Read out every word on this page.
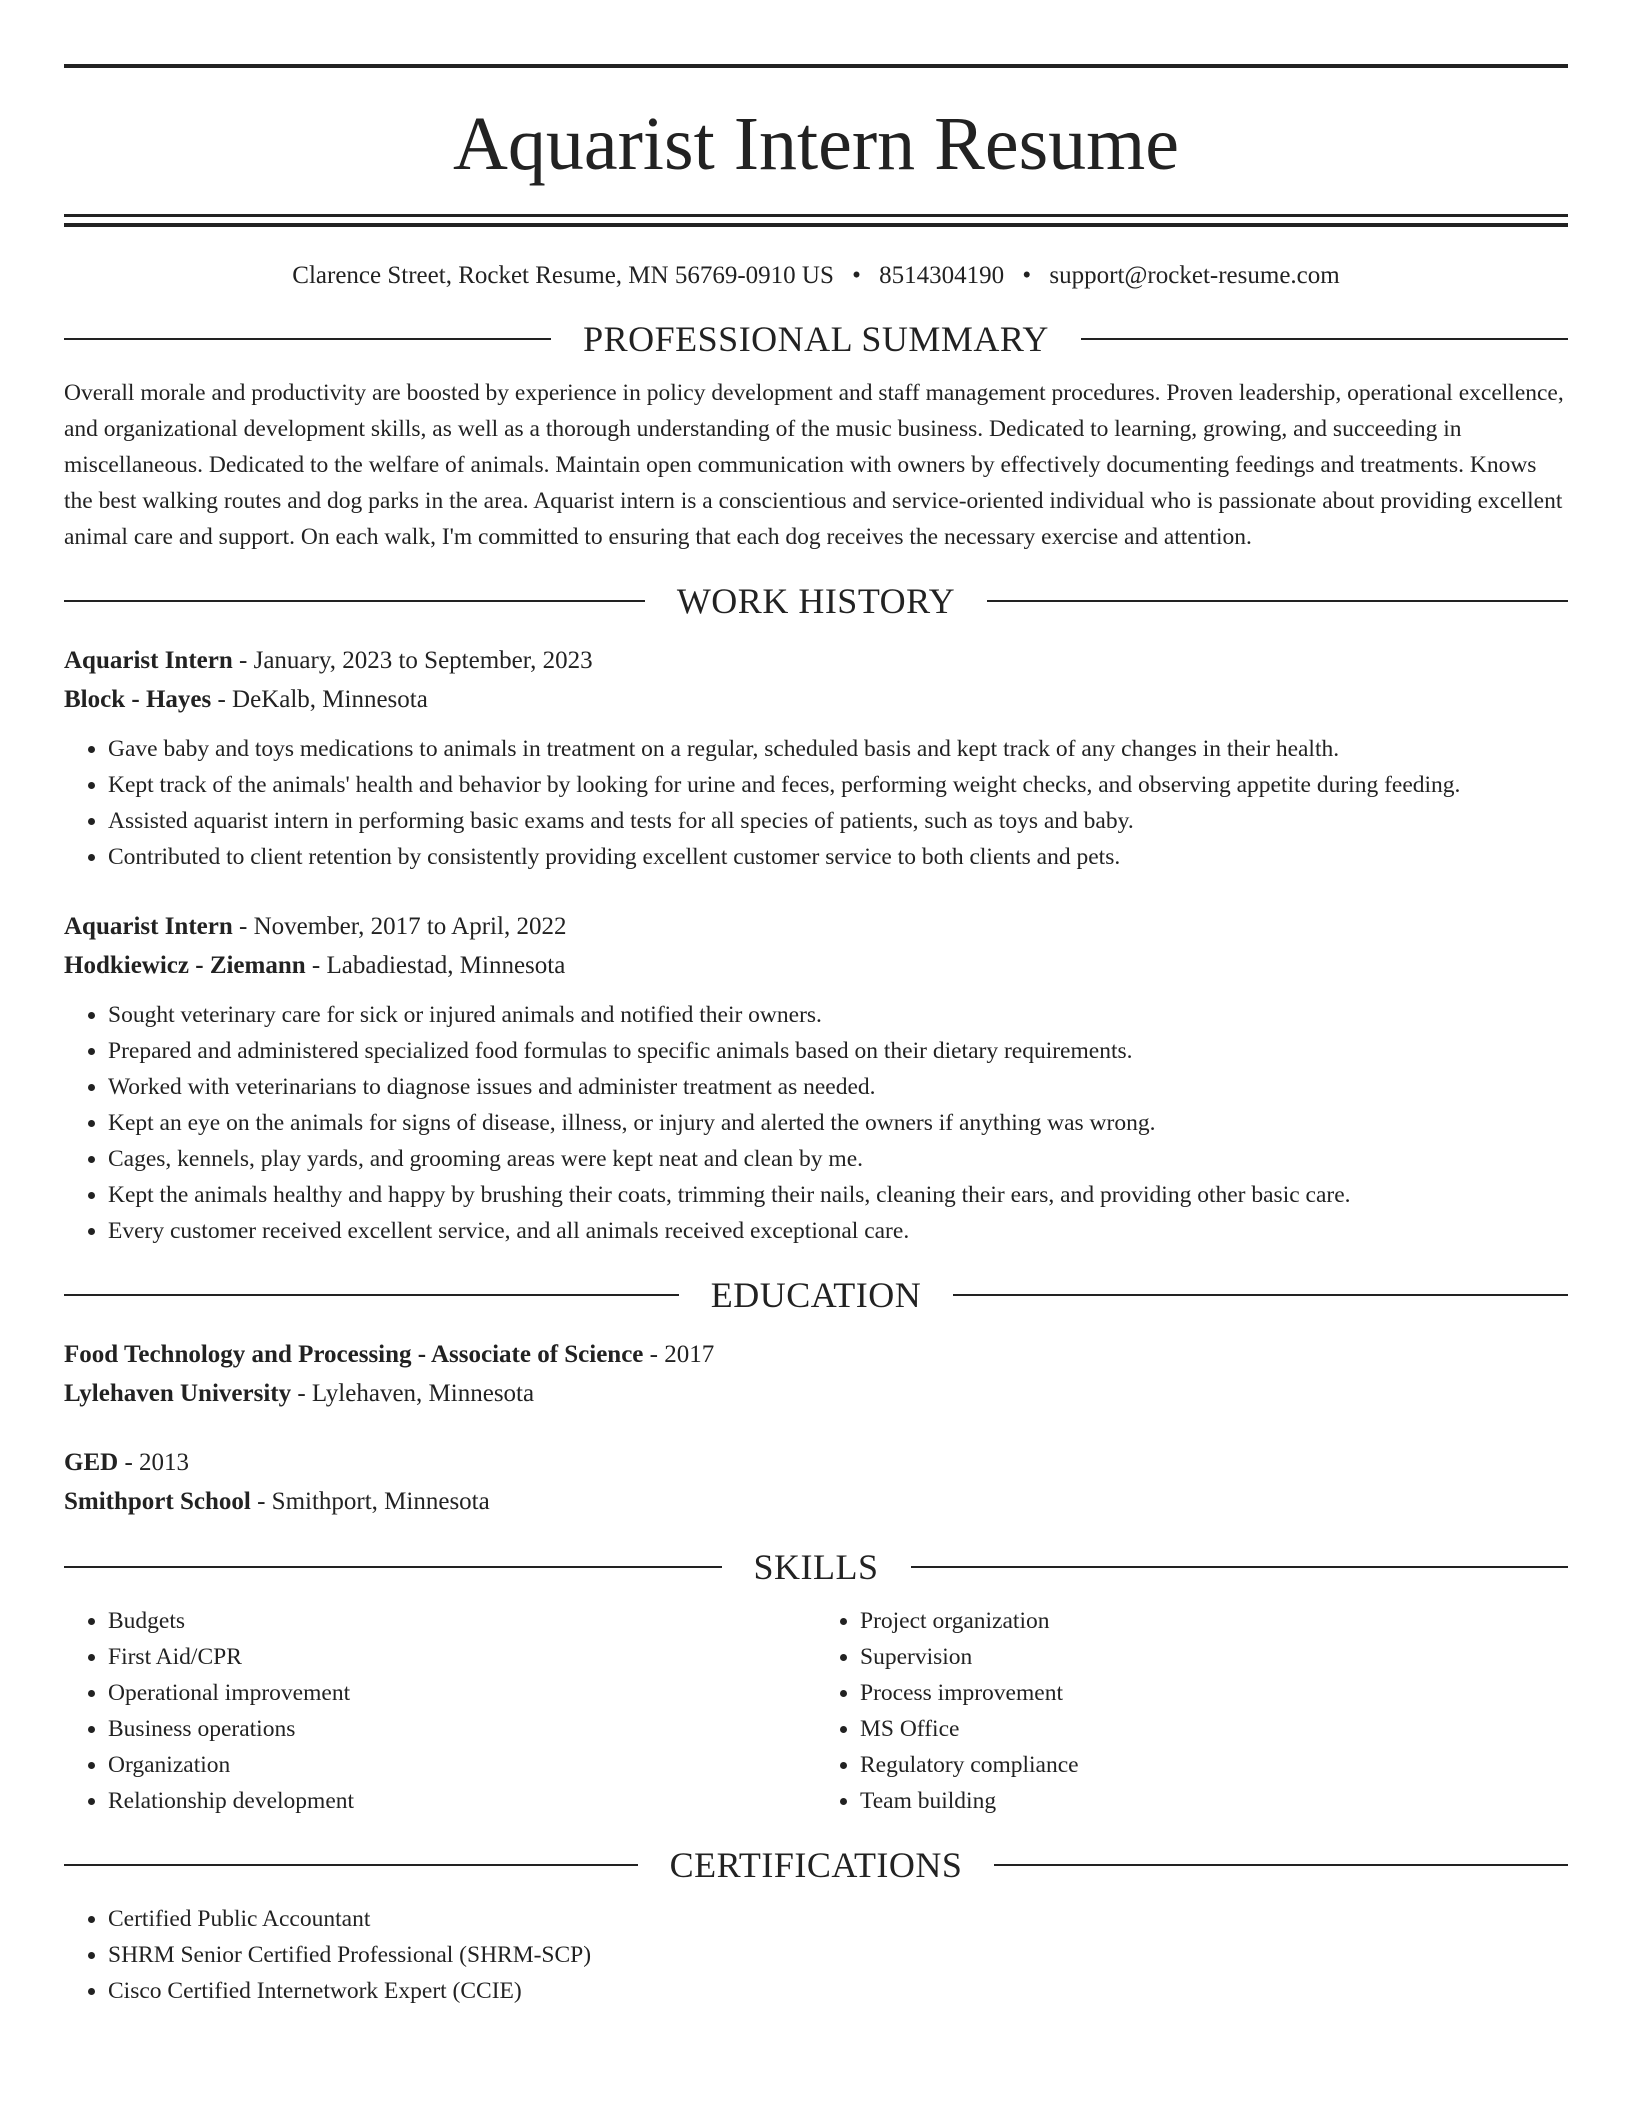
Aquarist Intern Resume
Clarence Street, Rocket Resume, MN 56769-0910 US • 8514304190 • support@rocket-resume.com
PROFESSIONAL SUMMARY

Overall morale and productivity are boosted by experience in policy development and staff management procedures. Proven leadership, operational excellence, and organizational development skills, as well as a thorough understanding of the music business. Dedicated to learning, growing, and succeeding in miscellaneous. Dedicated to the welfare of animals. Maintain open communication with owners by effectively documenting feedings and treatments. Knows the best walking routes and dog parks in the area. Aquarist intern is a conscientious and service-oriented individual who is passionate about providing excellent animal care and support. On each walk, I'm committed to ensuring that each dog receives the necessary exercise and attention.

WORK HISTORY
Aquarist Intern - January, 2023 to September, 2023
Block - Hayes - DeKalb, Minnesota
• Gave baby and toys medications to animals in treatment on a regular, scheduled basis and kept track of any changes in their health.
• Kept track of the animals' health and behavior by looking for urine and feces, performing weight checks, and observing appetite during feeding.
• Assisted aquarist intern in performing basic exams and tests for all species of patients, such as toys and baby.
• Contributed to client retention by consistently providing excellent customer service to both clients and pets.
Aquarist Intern - November, 2017 to April, 2022
Hodkiewicz - Ziemann - Labadiestad, Minnesota
• Sought veterinary care for sick or injured animals and notified their owners.
• Prepared and administered specialized food formulas to specific animals based on their dietary requirements.
• Worked with veterinarians to diagnose issues and administer treatment as needed.
• Kept an eye on the animals for signs of disease, illness, or injury and alerted the owners if anything was wrong.
• Cages, kennels, play yards, and grooming areas were kept neat and clean by me.
• Kept the animals healthy and happy by brushing their coats, trimming their nails, cleaning their ears, and providing other basic care.
• Every customer received excellent service, and all animals received exceptional care.
EDUCATION
Food Technology and Processing - Associate of Science - 2017
Lylehaven University - Lylehaven, Minnesota
GED - 2013
Smithport School - Smithport, Minnesota
SKILLS
• Budgets
• First Aid/CPR
• Operational improvement
• Business operations
• Organization
• Relationship development
• Project organization
• Supervision
• Process improvement
• MS Office
• Regulatory compliance
• Team building
CERTIFICATIONS
• Certified Public Accountant
• SHRM Senior Certified Professional (SHRM-SCP)
• Cisco Certified Internetwork Expert (CCIE)
